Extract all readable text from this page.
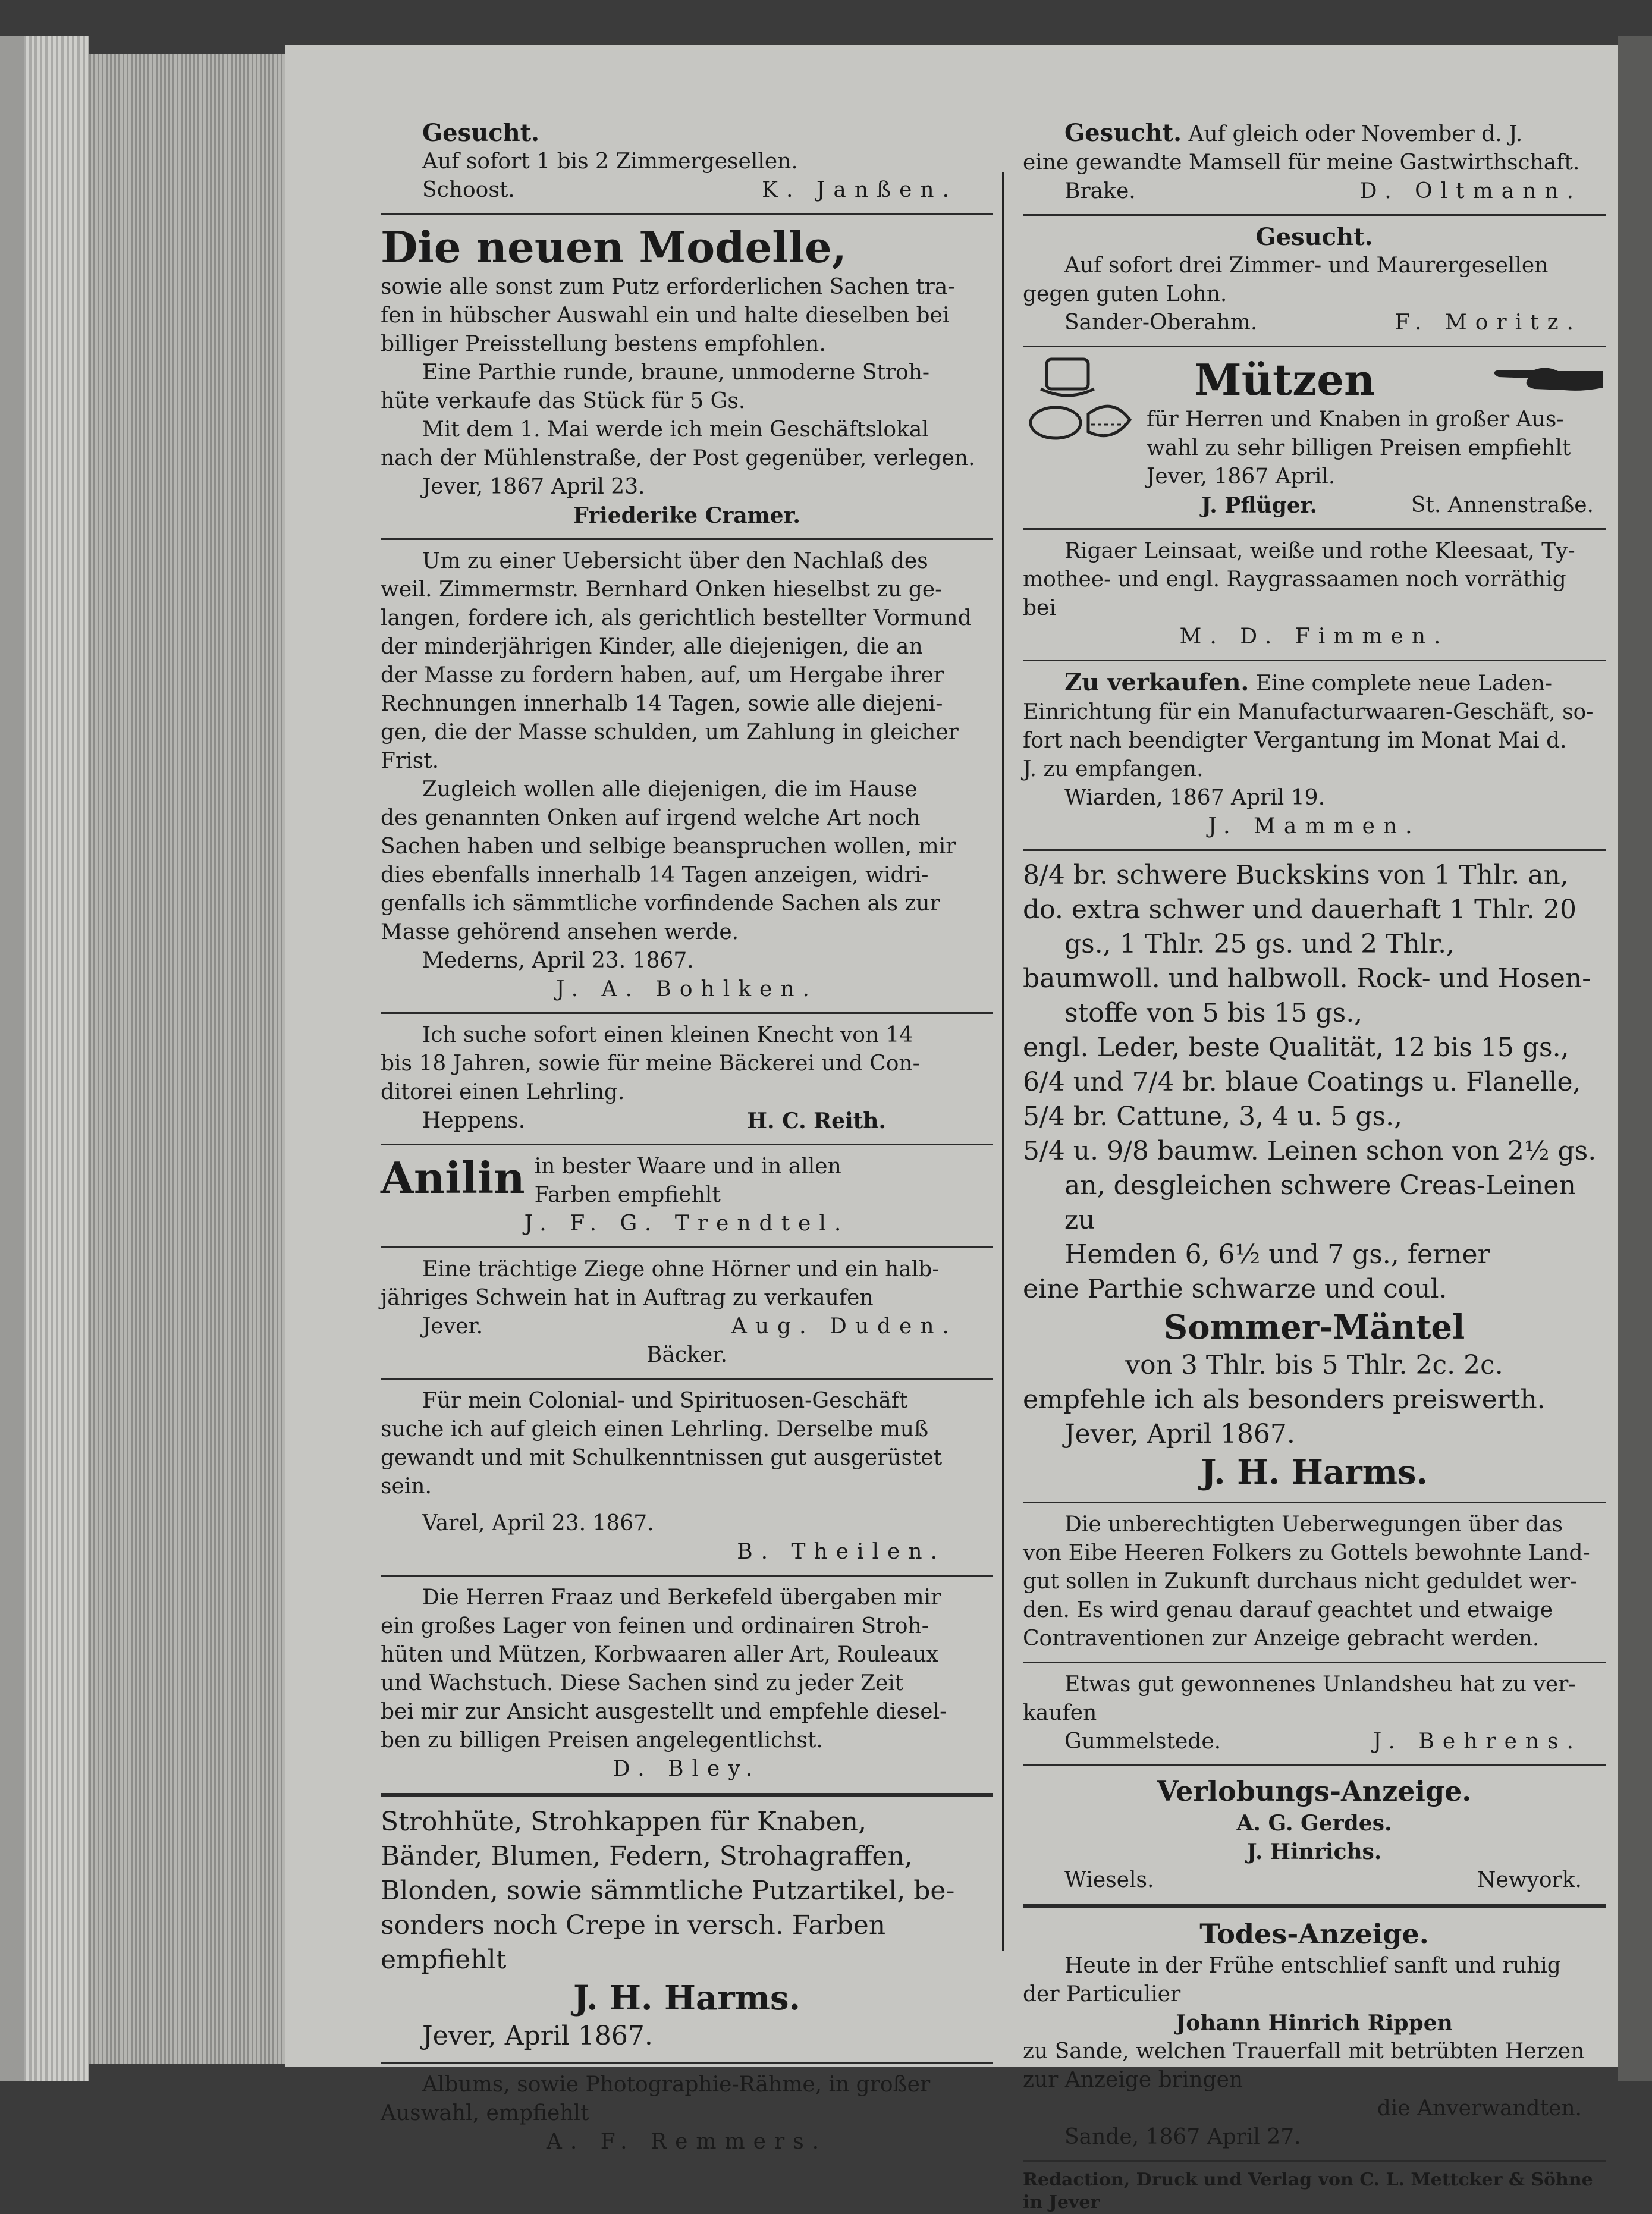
Gesucht.

Auf sofort 1 bis 2 Zimmergesellen.

Schoost.	K. Janßen.

Die neuen Modelle,

sowie alle sonst zum Putz erforderlichen Sachen tra-

fen in hübscher Auswahl ein und halte dieselben bei

billiger Preisstellung bestens empfohlen.

Eine Parthie runde, braune, unmoderne Stroh-

hüte verkaufe das Stück für 5 Gs.

Mit dem 1. Mai werde ich mein Geschäftslokal

nach der Mühlenstraße, der Post gegenüber, verlegen.

Jever, 1867 April 23.

Friederike Cramer.

Um zu einer Uebersicht über den Nachlaß des

weil. Zimmermstr. Bernhard Onken hieselbst zu ge-

langen, fordere ich, als gerichtlich bestellter Vormund

der minderjährigen Kinder, alle diejenigen, die an

der Masse zu fordern haben, auf, um Hergabe ihrer

Rechnungen innerhalb 14 Tagen, sowie alle diejeni-

gen, die der Masse schulden, um Zahlung in gleicher

Frist.

Zugleich wollen alle diejenigen, die im Hause

des genannten Onken auf irgend welche Art noch

Sachen haben und selbige beanspruchen wollen, mir

dies ebenfalls innerhalb 14 Tagen anzeigen, widri-

genfalls ich sämmtliche vorfindende Sachen als zur

Masse gehörend ansehen werde.

Mederns, April 23. 1867.

J. A. Bohlken.

Ich suche sofort einen kleinen Knecht von 14

bis 18 Jahren, sowie für meine Bäckerei und Con-

ditorei einen Lehrling.

Heppens.	H. C. Reith.
Anilin in bester Waare und in allen

Farben empfiehlt

J. F. G. Trendtel.

Eine trächtige Ziege ohne Hörner und ein halb-

jähriges Schwein hat in Auftrag zu verkaufen

Jever.	Aug. Duden.

Bäcker.

Für mein Colonial- und Spirituosen-Geschäft

suche ich auf gleich einen Lehrling. Derselbe muß

gewandt und mit Schulkenntnissen gut ausgerüstet

sein.

Varel, April 23. 1867.

B. Theilen.

Die Herren Fraaz und Berkefeld übergaben mir

ein großes Lager von feinen und ordinairen Stroh-

hüten und Mützen, Korbwaaren aller Art, Rouleaux

und Wachstuch. Diese Sachen sind zu jeder Zeit

bei mir zur Ansicht ausgestellt und empfehle diesel-

ben zu billigen Preisen angelegentlichst.

D. Bley.

Strohhüte, Strohkappen für Knaben,

Bänder, Blumen, Federn, Strohagraffen,

Blonden, sowie sämmtliche Putzartikel, be-

sonders noch Crepe in versch. Farben empfiehlt

J. H. Harms.

Jever, April 1867.

Albums, sowie Photographie-Rähme, in großer

Auswahl, empfiehlt

A. F. Remmers.

Gesucht. Auf gleich oder November d. J.

eine gewandte Mamsell für meine Gastwirthschaft.

Brake.	D. Oltmann.

Gesucht.

Auf sofort drei Zimmer- und Maurergesellen

gegen guten Lohn.

Sander-Oberahm.	F. Moritz.
Mützen

für Herren und Knaben in großer Aus-

wahl zu sehr billigen Preisen empfiehlt

Jever, 1867 April.

J. Pflüger.	St. Annenstraße.

Rigaer Leinsaat, weiße und rothe Kleesaat, Ty-

mothee- und engl. Raygrassaamen noch vorräthig bei

M. D. Fimmen.

Zu verkaufen. Eine complete neue Laden-

Einrichtung für ein Manufacturwaaren-Geschäft, so-

fort nach beendigter Vergantung im Monat Mai d.

J. zu empfangen.

Wiarden, 1867 April 19.

J. Mammen.

8/4 br. schwere Buckskins von 1 Thlr. an,

do. extra schwer und dauerhaft 1 Thlr. 20

gs., 1 Thlr. 25 gs. und 2 Thlr.,

baumwoll. und halbwoll. Rock- und Hosen-

stoffe von 5 bis 15 gs.,

engl. Leder, beste Qualität, 12 bis 15 gs.,

6/4 und 7/4 br. blaue Coatings u. Flanelle,

5/4 br. Cattune, 3, 4 u. 5 gs.,

5/4 u. 9/8 baumw. Leinen schon von 2½ gs.

an, desgleichen schwere Creas-Leinen zu

Hemden 6, 6½ und 7 gs., ferner

eine Parthie schwarze und coul.

Sommer-Mäntel

von 3 Thlr. bis 5 Thlr. 2c. 2c.

empfehle ich als besonders preiswerth.

Jever, April 1867.

J. H. Harms.

Die unberechtigten Ueberwegungen über das

von Eibe Heeren Folkers zu Gottels bewohnte Land-

gut sollen in Zukunft durchaus nicht geduldet wer-

den. Es wird genau darauf geachtet und etwaige

Contraventionen zur Anzeige gebracht werden.

Etwas gut gewonnenes Unlandsheu hat zu ver-

kaufen

Gummelstede.	J. Behrens.

Verlobungs-Anzeige.

A. G. Gerdes.

J. Hinrichs.

Wiesels.	Newyork.

Todes-Anzeige.

Heute in der Frühe entschlief sanft und ruhig

der Particulier

Johann Hinrich Rippen

zu Sande, welchen Trauerfall mit betrübten Herzen

zur Anzeige bringen

die Anverwandten.

Sande, 1867 April 27.

Redaction, Druck und Verlag von C. L. Mettcker & Söhne in Jever
